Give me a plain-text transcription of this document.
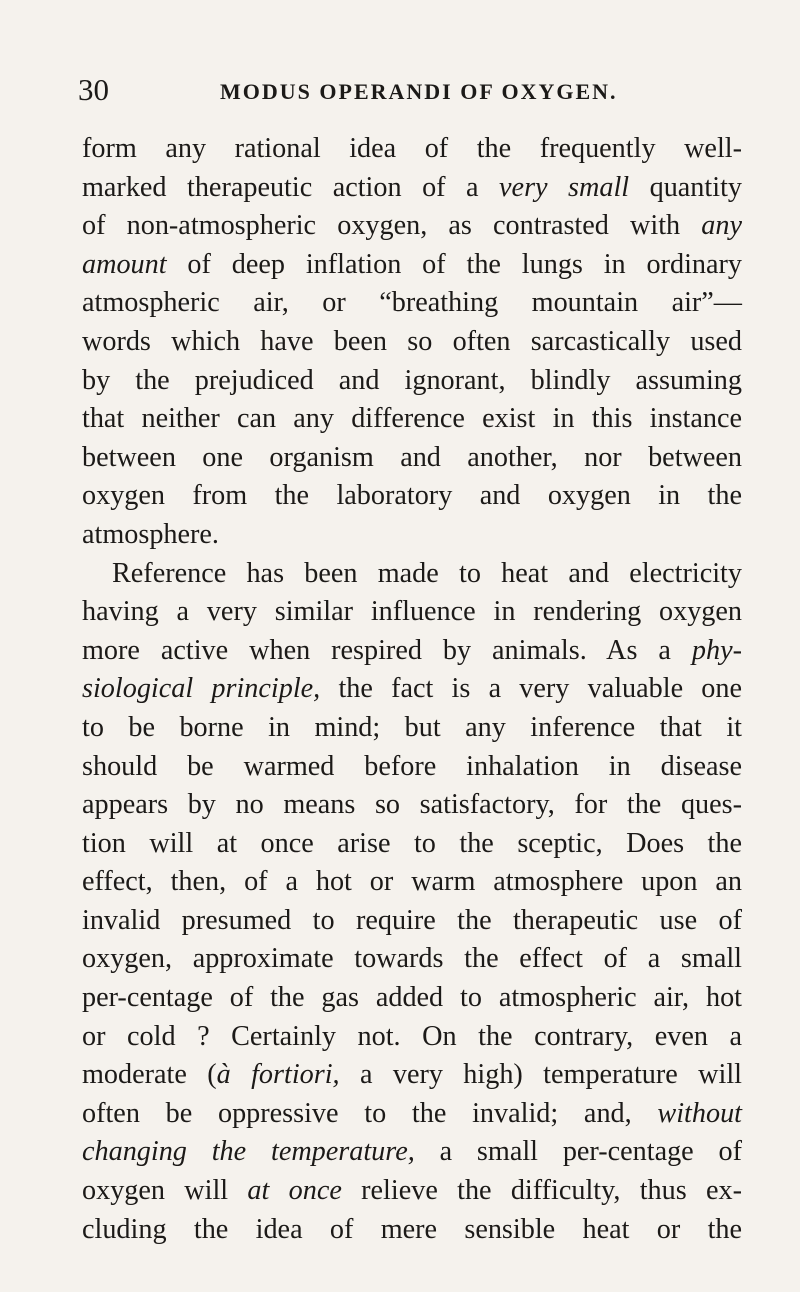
30	MODUS OPERANDI OF OXYGEN.
form any rational idea of the frequently well-
marked therapeutic action of a very small quantity
of non-atmospheric oxygen, as contrasted with any
amount of deep inflation of the lungs in ordinary
atmospheric air, or “breathing mountain air”—
words which have been so often sarcastically used
by the prejudiced and ignorant, blindly assuming
that neither can any difference exist in this instance
between one organism and another, nor between
oxygen from the laboratory and oxygen in the
atmosphere.
Reference has been made to heat and electricity
having a very similar influence in rendering oxygen
more active when respired by animals. As a phy-
siological principle, the fact is a very valuable one
to be borne in mind; but any inference that it
should be warmed before inhalation in disease
appears by no means so satisfactory, for the ques-
tion will at once arise to the sceptic, Does the
effect, then, of a hot or warm atmosphere upon an
invalid presumed to require the therapeutic use of
oxygen, approximate towards the effect of a small
per-centage of the gas added to atmospheric air, hot
or cold ? Certainly not. On the contrary, even a
moderate (à fortiori, a very high) temperature will
often be oppressive to the invalid; and, without
changing the temperature, a small per-centage of
oxygen will at once relieve the difficulty, thus ex-
cluding the idea of mere sensible heat or the
